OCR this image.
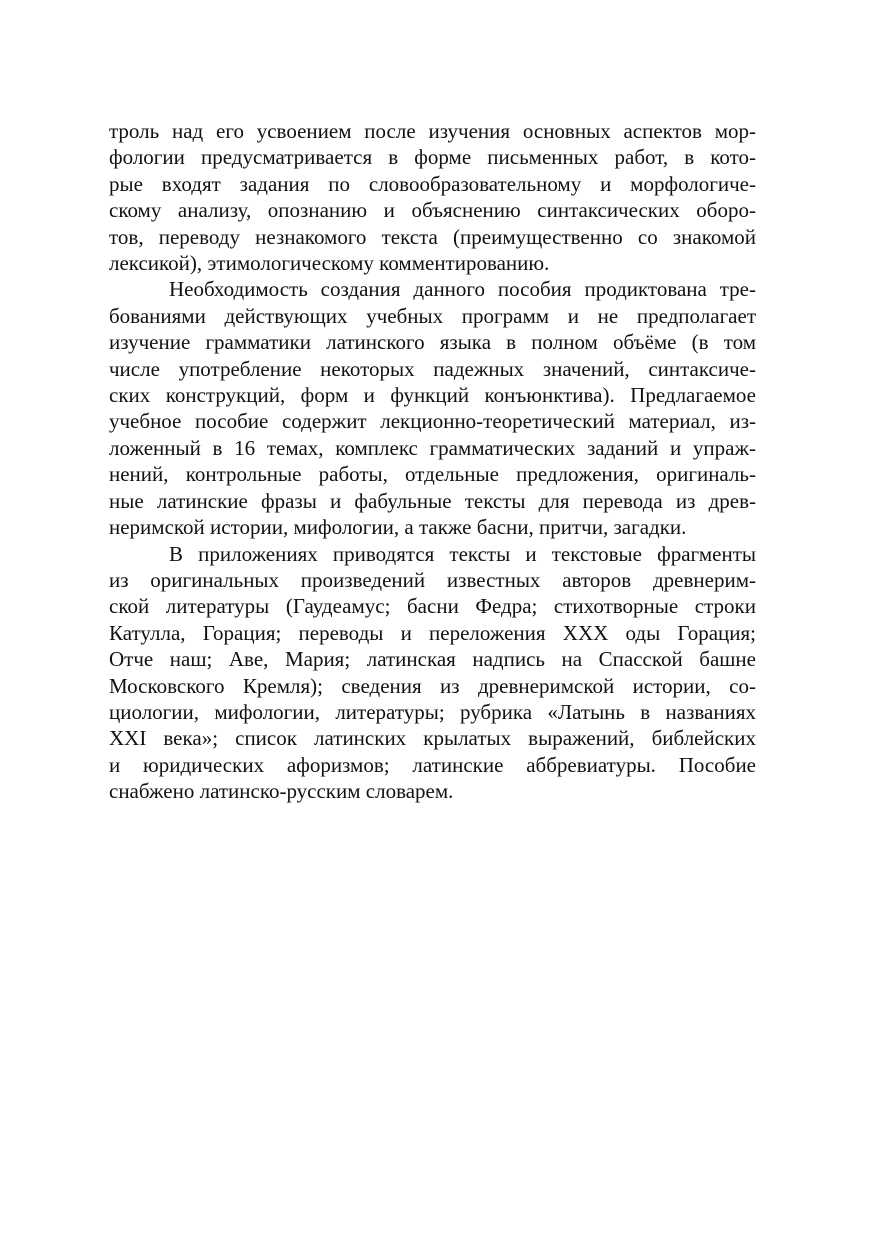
троль над его усвоением после изучения основных аспектов мор-
фологии предусматривается в форме письменных работ, в кото-
рые входят задания по словообразовательному и морфологиче-
скому анализу, опознанию и объяснению синтаксических оборо-
тов, переводу незнакомого текста (преимущественно со знакомой
лексикой), этимологическому комментированию.

Необходимость создания данного пособия продиктована тре-
бованиями действующих учебных программ и не предполагает
изучение грамматики латинского языка в полном объёме (в том
числе употребление некоторых падежных значений, синтаксиче-
ских конструкций, форм и функций конъюнктива). Предлагаемое
учебное пособие содержит лекционно-теоретический материал, из-
ложенный в 16 темах, комплекс грамматических заданий и упраж-
нений, контрольные работы, отдельные предложения, оригиналь-
ные латинские фразы и фабульные тексты для перевода из древ-
неримской истории, мифологии, а также басни, притчи, загадки.

В приложениях приводятся тексты и текстовые фрагменты
из оригинальных произведений известных авторов древнерим-
ской литературы (Гаудеамус; басни Федра; стихотворные строки
Катулла, Горация; переводы и переложения XXX оды Горация;
Отче наш; Аве, Мария; латинская надпись на Спасской башне
Московского Кремля); сведения из древнеримской истории, со-
циологии, мифологии, литературы; рубрика «Латынь в названиях
XXI века»; список латинских крылатых выражений, библейских
и юридических афоризмов; латинские аббревиатуры. Пособие
снабжено латинско-русским словарем.
